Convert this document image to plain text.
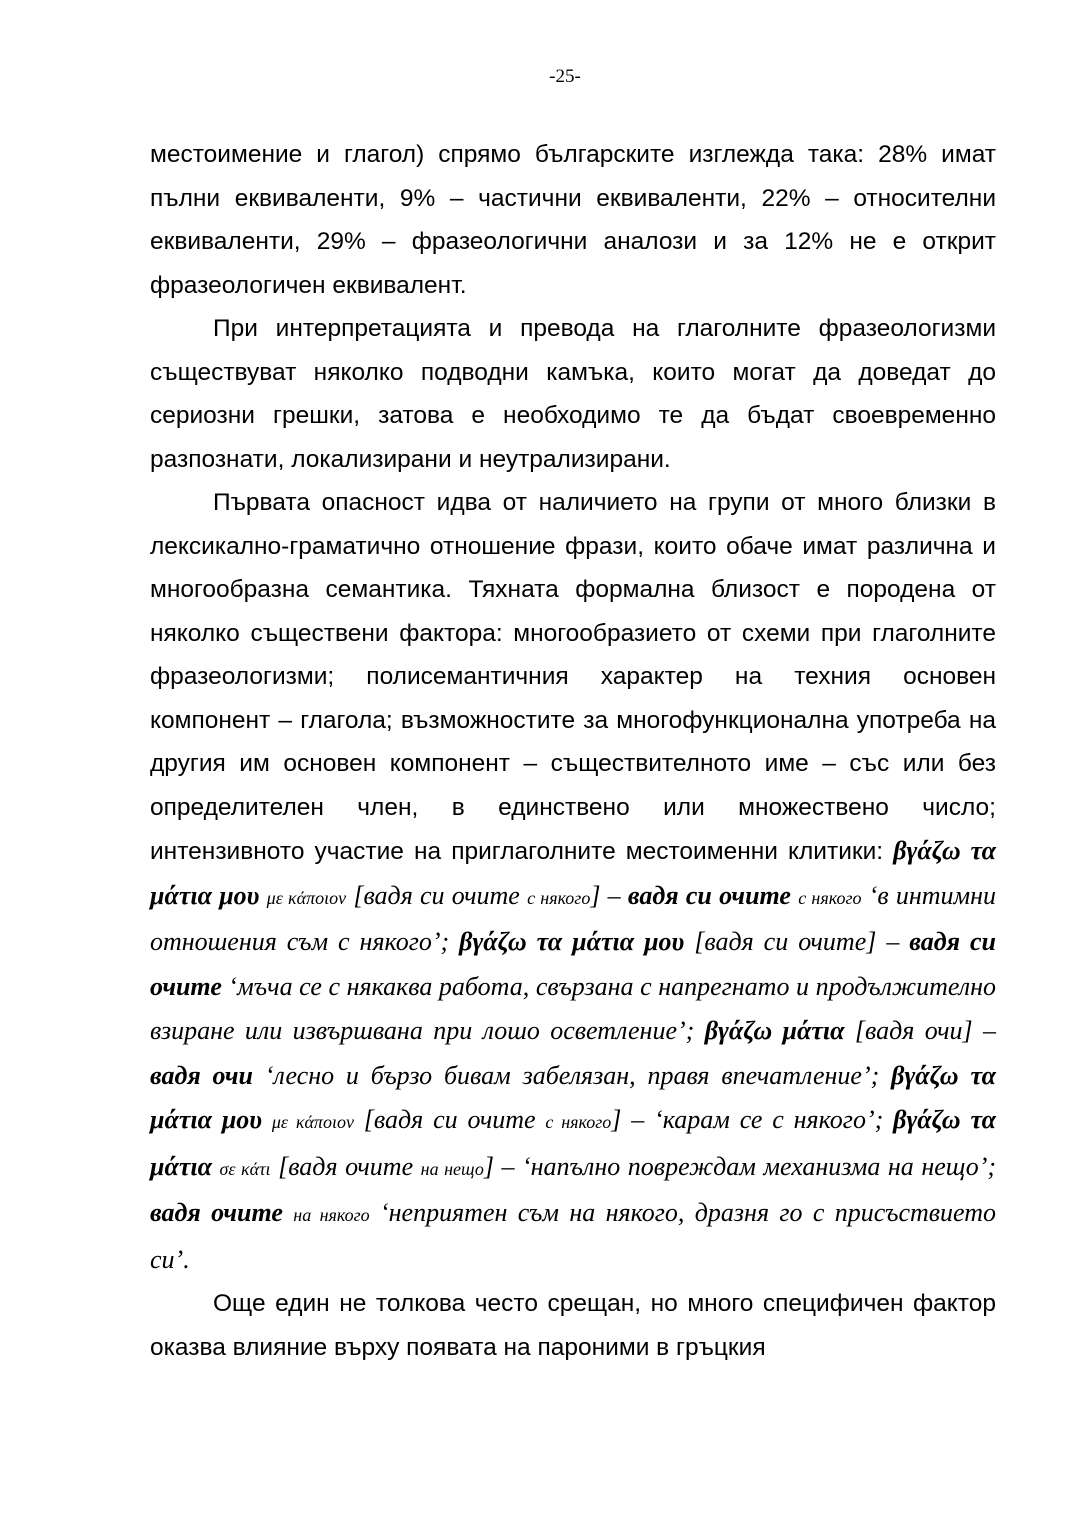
-25-

местоимение и глагол) спрямо българските изглежда така: 28% имат пълни еквиваленти, 9% – частични еквиваленти, 22% – относителни еквиваленти, 29% – фразеологични аналози и за 12% не е открит фразеологичен еквивалент.

При интерпретацията и превода на глаголните фразеологизми съществуват няколко подводни камъка, които могат да доведат до сериозни грешки, затова е необходимо те да бъдат своевременно разпознати, локализирани и неутрализирани.

Първата опасност идва от наличието на групи от много близки в лексикално-граматично отношение фрази, които обаче имат различна и многообразна семантика. Тяхната формална близост е породена от няколко съществени фактора: многообразието от схеми при глаголните фразеологизми; полисемантичния характер на техния основен компонент – глагола; възможностите за многофункционална употреба на другия им основен компонент – съществителното име – със или без определителен член, в единствено или множествено число; интензивното участие на приглаголните местоименни клитики: βγάζω τα μάτια μου με κάποιον [вадя си очите с някого] – вадя си очите с някого ‘в интимни отношения съм с някого’; βγάζω τα μάτια μου [вадя си очите] – вадя си очите ‘мъча се с някаква работа, свързана с напрегнато и продължително взиране или извършвана при лошо осветление’; βγάζω μάτια [вадя очи] – вадя очи ‘лесно и бързо бивам забелязан, правя впечатление’; βγάζω τα μάτια μου με κάποιον [вадя си очите с някого] – ‘карам се с някого’; βγάζω τα μάτια σε κάτι [вадя очите на нещо] – ‘напълно повреждам механизма на нещо’; вадя очите на някого ‘неприятен съм на някого, дразня го с присъствието си’.

Още един не толкова често срещан, но много специфичен фактор оказва влияние върху появата на пароними в гръцкия
